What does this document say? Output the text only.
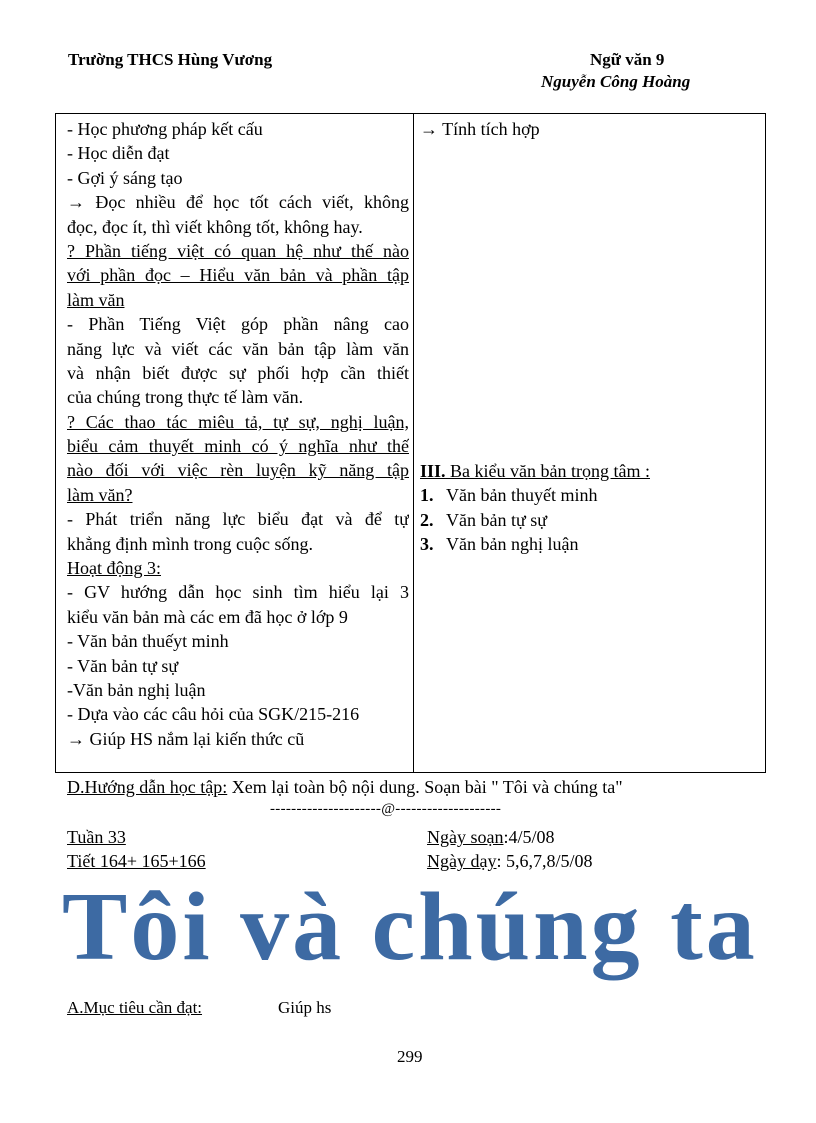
Trường THCS Hùng Vương	Ngữ văn 9
Nguyễn Công Hoàng
- Học phương pháp kết cấu
- Học diễn đạt
- Gợi ý sáng tạo
→ Đọc nhiều để học tốt cách viết, không
đọc, đọc ít, thì viết không tốt, không hay.
? Phần tiếng việt có quan hệ như thế nào
với phần đọc – Hiểu văn bản và phần tập
làm văn
- Phần Tiếng Việt góp phần nâng cao
năng lực và viết các văn bản tập làm văn
và nhận biết được sự phối hợp cần thiết
của chúng trong thực tế làm văn.
? Các thao tác miêu tả, tự sự, nghị luận,
biểu cảm thuyết minh có ý nghĩa như thế
nào đối với việc rèn luyện kỹ năng tập
làm văn?
- Phát triển năng lực biểu đạt và để tự
khẳng định mình trong cuộc sống.
Hoạt động 3:
- GV hướng dẫn học sinh tìm hiểu lại 3
kiểu văn bản mà các em đã học ở lớp 9
- Văn bản thuếyt minh
- Văn bản tự sự
-Văn bản nghị luận
- Dựa vào các câu hỏi của SGK/215-216
→ Giúp HS nắm lại kiến thức cũ
→ Tính tích hợp
III. Ba kiểu văn bản trọng tâm :
1. Văn bản thuyết minh
2. Văn bản tự sự
3. Văn bản nghị luận
D.Hướng dẫn học tập: Xem lại toàn bộ nội dung. Soạn bài " Tôi và chúng ta"
---------------------@--------------------
Tuần 33
Tiết 164+ 165+166
Ngày soạn:4/5/08
Ngày dạy: 5,6,7,8/5/08
Tôi và chúng ta
A.Mục tiêu cần đạt:	Giúp hs
299
